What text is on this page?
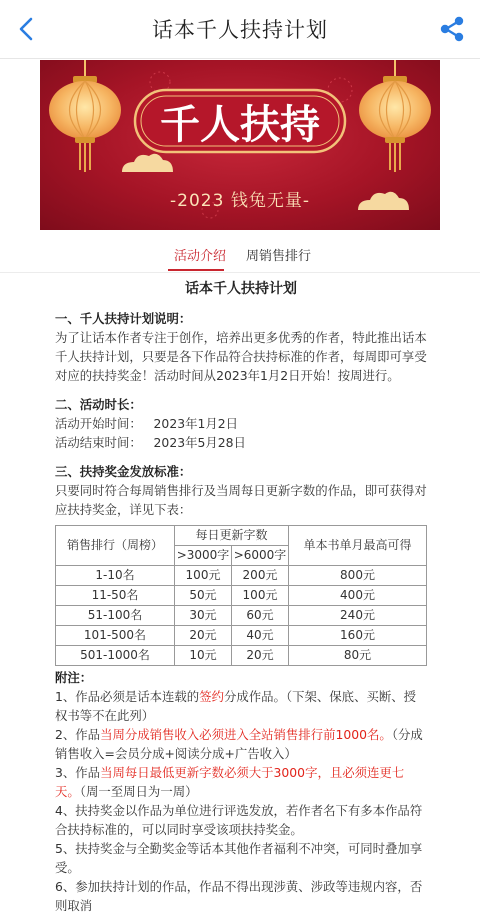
话本千人扶持计划
千人扶持
-2023 钱兔无量-
活动介绍 周销售排行
话本千人扶持计划
一、千人扶持计划说明：

为了让话本作者专注于创作，培养出更多优秀的作者，特此推出话本千人扶持计划，只要是各下作品符合扶持标准的作者，每周即可享受对应的扶持奖金！活动时间从2023年1月2日开始！按周进行。

二、活动时长：

活动开始时间：   2023年1月2日

活动结束时间：   2023年5月28日

三、扶持奖金发放标准：

只要同时符合每周销售排行及当周每日更新字数的作品，即可获得对应扶持奖金，详见下表：

销售排行（周榜）	每日更新字数		单本书单月最高可得
	>3000字	>6000字	
1-10名	100元	200元	800元
11-50名	50元	100元	400元
51-100名	30元	60元	240元
101-500名	20元	40元	160元
501-1000名	10元	20元	80元
附注：

1、作品必须是话本连载的签约分成作品。（下架、保底、买断、授权书等不在此列）

2、作品当周分成销售收入必须进入全站销售排行前1000名。（分成销售收入=会员分成+阅读分成+广告收入）

3、作品当周每日最低更新字数必须大于3000字，且必须连更七天。（周一至周日为一周）

4、扶持奖金以作品为单位进行评选发放，若作者名下有多本作品符合扶持标准的，可以同时享受该项扶持奖金。

5、扶持奖金与全勤奖金等话本其他作者福利不冲突，可同时叠加享受。

6、参加扶持计划的作品，作品不得出现涉黄、涉政等违规内容，否则取消
